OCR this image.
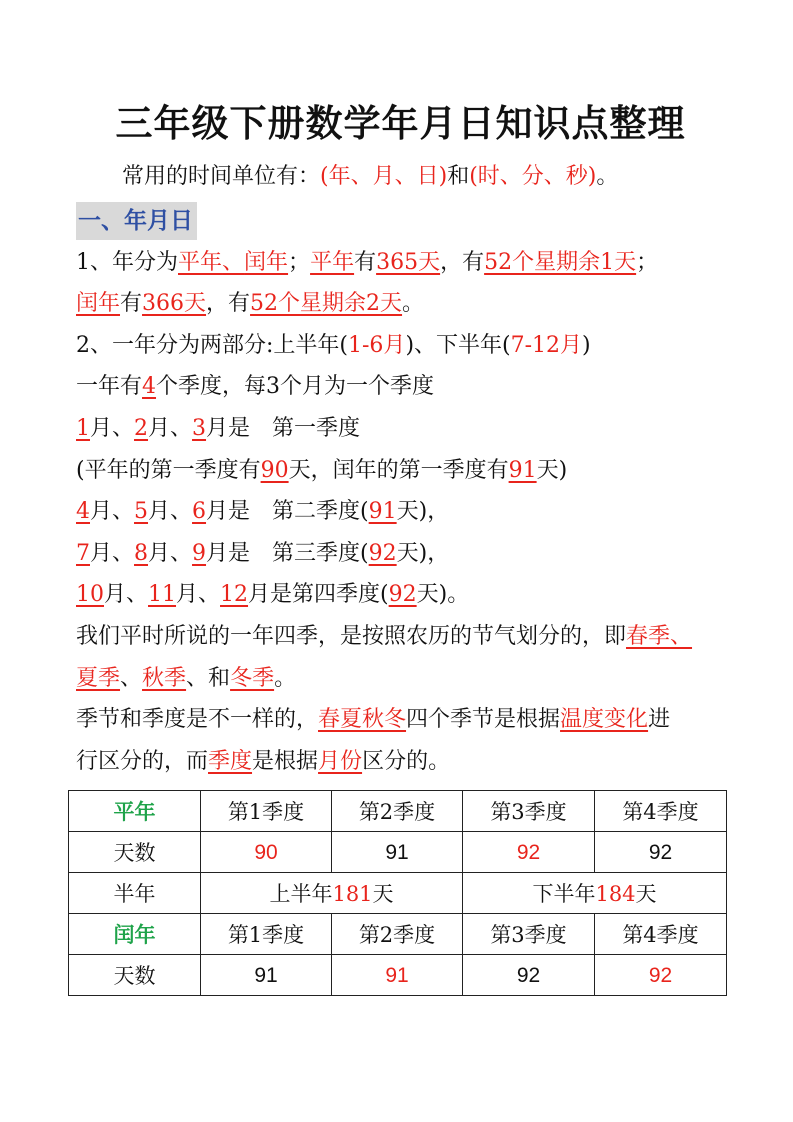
三年级下册数学年月日知识点整理

常用的时间单位有：(年、月、日)和(时、分、秒)。

一、年月日

1、年分为平年、闰年；平年有365天，有52个星期余1天；

闰年有366天，有52个星期余2天。

2、一年分为两部分:上半年(1-6月)、下半年(7-12月)

一年有4个季度，每3个月为一个季度

1月、2月、3月是 第一季度

(平年的第一季度有90天，闰年的第一季度有91天)

4月、5月、6月是 第二季度(91天)，

7月、8月、9月是 第三季度(92天)，

10月、11月、12月是第四季度(92天)。

我们平时所说的一年四季，是按照农历的节气划分的，即春季、

夏季、秋季、和冬季。

季节和季度是不一样的，春夏秋冬四个季节是根据温度变化进

行区分的，而季度是根据月份区分的。

平年	第1季度	第2季度	第3季度	第4季度
天数	90	91	92	92
半年	上半年181天		下半年184天	
闰年	第1季度	第2季度	第3季度	第4季度
天数	91	91	92	92
